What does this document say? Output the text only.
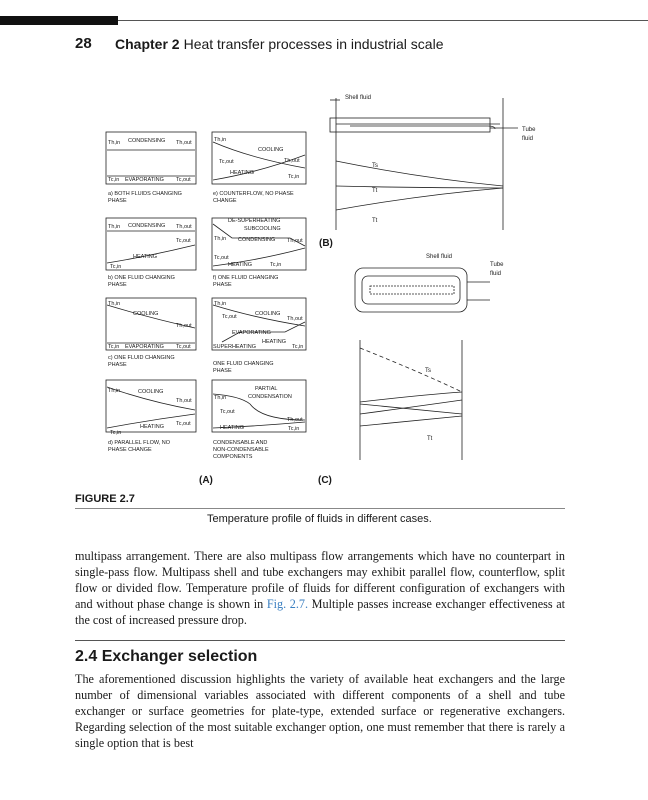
28 Chapter 2 Heat transfer processes in industrial scale
Th,in CONDENSING Th,out
Tc,in EVAPORATING Tc,out
a) BOTH FLUIDS CHANGING
PHASE
Th,in
COOLING
Tc,out	Th,out
HEATING
Tc,in
e) COUNTERFLOW, NO PHASE
CHANGE
Th,in CONDENSING Th,out
Tc,out
HEATING
Tc,in
b) ONE FLUID CHANGING
PHASE
DE-SUPERHEATING
SUBCOOLING
Th,in CONDENSING Th,out
Tc,out
HEATING	Tc,in
f) ONE FLUID CHANGING
PHASE
Th,in
COOLING
Th,out
Tc,in EVAPORATING Tc,out
c) ONE FLUID CHANGING
PHASE
Th,in
COOLING
Tc,out	Th,out
EVAPORATING
SUPERHEATING
HEATING
Tc,in
ONE FLUID CHANGING
PHASE
Th,in	COOLING
Th,out
Tc,out
HEATING
Tc,in
d) PARALLEL FLOW, NO
PHASE CHANGE
PARTIAL
Th,in	CONDENSATION
Tc,out
Th,out
HEATING	Tc,in
CONDENSABLE AND
NON-CONDENSABLE
COMPONENTS
Shell fluid
Tube
fluid
Ts
Tt
Tt
Shell fluid
Tube
fluid
Ts
Tt
(B)
(A)	(C)
FIGURE 2.7
Temperature profile of fluids in different cases.

multipass arrangement. There are also multipass flow arrangements which have no counterpart in single-pass flow. Multipass shell and tube exchangers may exhibit parallel flow, counterflow, split flow or divided flow. Temperature profile of fluids for different configuration of exchangers with and without phase change is shown in Fig. 2.7. Multiple passes increase exchanger effectiveness at the cost of increased pressure drop.

2.4 Exchanger selection

The aforementioned discussion highlights the variety of available heat exchangers and the large number of dimensional variables associated with different components of a shell and tube exchanger or surface geometries for plate-type, extended surface or regenerative exchangers. Regarding selection of the most suitable exchanger option, one must remember that there is rarely a single option that is best
